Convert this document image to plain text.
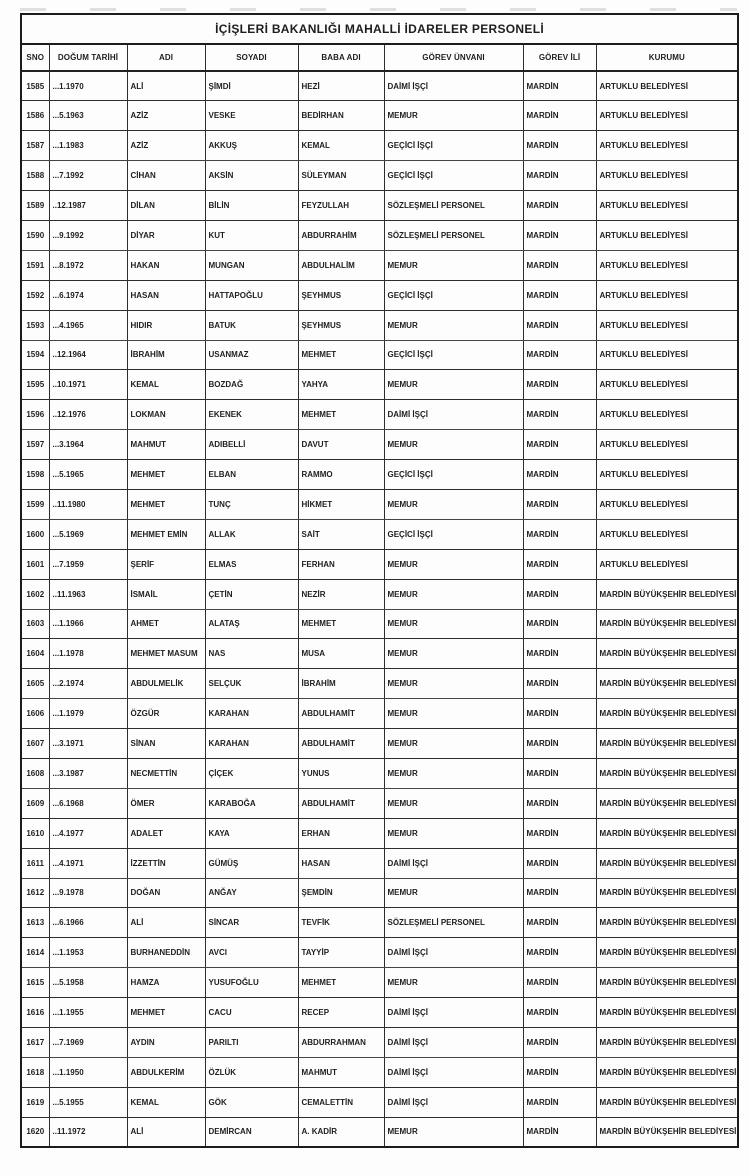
İÇİŞLERİ BAKANLIĞI MAHALLİ İDARELER PERSONELİ							
SNO	DOĞUM TARİHİ	ADI	SOYADI	BABA ADI	GÖREV ÜNVANI	GÖREV İLİ	KURUMU
1585	...1.1970	ALİ	ŞİMDİ	HEZİ	DAİMİ İŞÇİ	MARDİN	ARTUKLU BELEDİYESİ
1586	...5.1963	AZİZ	VESKE	BEDİRHAN	MEMUR	MARDİN	ARTUKLU BELEDİYESİ
1587	...1.1983	AZİZ	AKKUŞ	KEMAL	GEÇİCİ İŞÇİ	MARDİN	ARTUKLU BELEDİYESİ
1588	...7.1992	CİHAN	AKSİN	SÜLEYMAN	GEÇİCİ İŞÇİ	MARDİN	ARTUKLU BELEDİYESİ
1589	..12.1987	DİLAN	BİLİN	FEYZULLAH	SÖZLEŞMELİ PERSONEL	MARDİN	ARTUKLU BELEDİYESİ
1590	...9.1992	DİYAR	KUT	ABDURRAHİM	SÖZLEŞMELİ PERSONEL	MARDİN	ARTUKLU BELEDİYESİ
1591	...8.1972	HAKAN	MUNGAN	ABDULHALİM	MEMUR	MARDİN	ARTUKLU BELEDİYESİ
1592	...6.1974	HASAN	HATTAPOĞLU	ŞEYHMUS	GEÇİCİ İŞÇİ	MARDİN	ARTUKLU BELEDİYESİ
1593	...4.1965	HIDIR	BATUK	ŞEYHMUS	MEMUR	MARDİN	ARTUKLU BELEDİYESİ
1594	..12.1964	İBRAHİM	USANMAZ	MEHMET	GEÇİCİ İŞÇİ	MARDİN	ARTUKLU BELEDİYESİ
1595	..10.1971	KEMAL	BOZDAĞ	YAHYA	MEMUR	MARDİN	ARTUKLU BELEDİYESİ
1596	..12.1976	LOKMAN	EKENEK	MEHMET	DAİMİ İŞÇİ	MARDİN	ARTUKLU BELEDİYESİ
1597	...3.1964	MAHMUT	ADIBELLİ	DAVUT	MEMUR	MARDİN	ARTUKLU BELEDİYESİ
1598	...5.1965	MEHMET	ELBAN	RAMMO	GEÇİCİ İŞÇİ	MARDİN	ARTUKLU BELEDİYESİ
1599	..11.1980	MEHMET	TUNÇ	HİKMET	MEMUR	MARDİN	ARTUKLU BELEDİYESİ
1600	...5.1969	MEHMET EMİN	ALLAK	SAİT	GEÇİCİ İŞÇİ	MARDİN	ARTUKLU BELEDİYESİ
1601	...7.1959	ŞERİF	ELMAS	FERHAN	MEMUR	MARDİN	ARTUKLU BELEDİYESİ
1602	..11.1963	İSMAİL	ÇETİN	NEZİR	MEMUR	MARDİN	MARDİN BÜYÜKŞEHİR BELEDİYESİ
1603	...1.1966	AHMET	ALATAŞ	MEHMET	MEMUR	MARDİN	MARDİN BÜYÜKŞEHİR BELEDİYESİ
1604	...1.1978	MEHMET MASUM	NAS	MUSA	MEMUR	MARDİN	MARDİN BÜYÜKŞEHİR BELEDİYESİ
1605	...2.1974	ABDULMELİK	SELÇUK	İBRAHİM	MEMUR	MARDİN	MARDİN BÜYÜKŞEHİR BELEDİYESİ
1606	...1.1979	ÖZGÜR	KARAHAN	ABDULHAMİT	MEMUR	MARDİN	MARDİN BÜYÜKŞEHİR BELEDİYESİ
1607	...3.1971	SİNAN	KARAHAN	ABDULHAMİT	MEMUR	MARDİN	MARDİN BÜYÜKŞEHİR BELEDİYESİ
1608	...3.1987	NECMETTİN	ÇİÇEK	YUNUS	MEMUR	MARDİN	MARDİN BÜYÜKŞEHİR BELEDİYESİ
1609	...6.1968	ÖMER	KARABOĞA	ABDULHAMİT	MEMUR	MARDİN	MARDİN BÜYÜKŞEHİR BELEDİYESİ
1610	...4.1977	ADALET	KAYA	ERHAN	MEMUR	MARDİN	MARDİN BÜYÜKŞEHİR BELEDİYESİ
1611	...4.1971	İZZETTİN	GÜMÜŞ	HASAN	DAİMİ İŞÇİ	MARDİN	MARDİN BÜYÜKŞEHİR BELEDİYESİ
1612	...9.1978	DOĞAN	ANĞAY	ŞEMDİN	MEMUR	MARDİN	MARDİN BÜYÜKŞEHİR BELEDİYESİ
1613	...6.1966	ALİ	SİNCAR	TEVFİK	SÖZLEŞMELİ PERSONEL	MARDİN	MARDİN BÜYÜKŞEHİR BELEDİYESİ
1614	...1.1953	BURHANEDDİN	AVCI	TAYYİP	DAİMİ İŞÇİ	MARDİN	MARDİN BÜYÜKŞEHİR BELEDİYESİ
1615	...5.1958	HAMZA	YUSUFOĞLU	MEHMET	MEMUR	MARDİN	MARDİN BÜYÜKŞEHİR BELEDİYESİ
1616	...1.1955	MEHMET	CACU	RECEP	DAİMİ İŞÇİ	MARDİN	MARDİN BÜYÜKŞEHİR BELEDİYESİ
1617	...7.1969	AYDIN	PARILTI	ABDURRAHMAN	DAİMİ İŞÇİ	MARDİN	MARDİN BÜYÜKŞEHİR BELEDİYESİ
1618	...1.1950	ABDULKERİM	ÖZLÜK	MAHMUT	DAİMİ İŞÇİ	MARDİN	MARDİN BÜYÜKŞEHİR BELEDİYESİ
1619	...5.1955	KEMAL	GÖK	CEMALETTİN	DAİMİ İŞÇİ	MARDİN	MARDİN BÜYÜKŞEHİR BELEDİYESİ
1620	..11.1972	ALİ	DEMİRCAN	A. KADİR	MEMUR	MARDİN	MARDİN BÜYÜKŞEHİR BELEDİYESİ
